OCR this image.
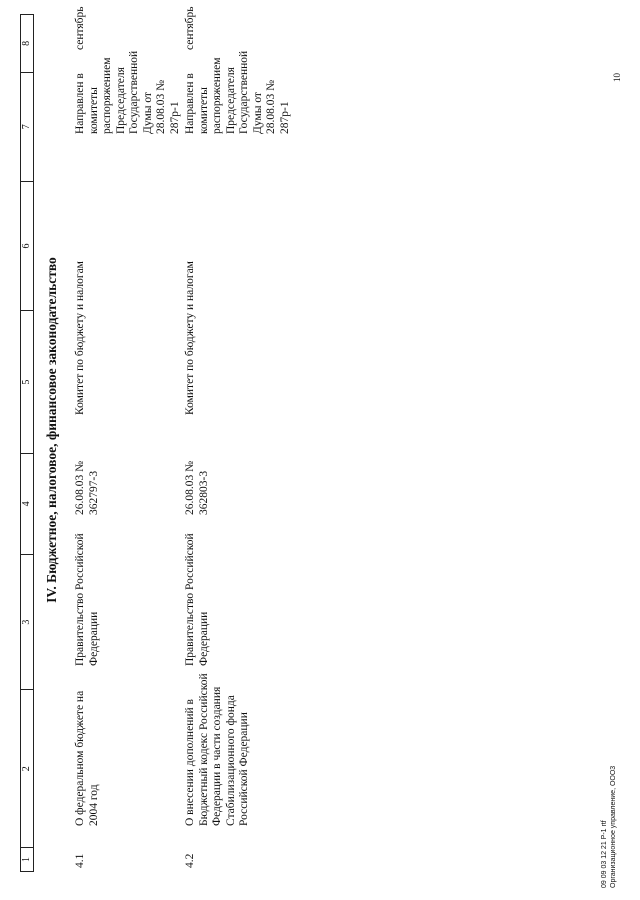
1
2
3
4
5
6
7
8
IV. Бюджетное, налоговое, финансовое законодательство
4.1
О федеральном бюджете на 2004 год
Правительство Российской Федерации
26.08.03 № 362797-3
Комитет по бюджету и налогам
Направлен в комитеты распоряжением Председателя Государственной Думы от 28.08.03 № 287р-1
сентябрь
4.2
О внесении дополнений в Бюджетный кодекс Российской Федерации в части создания Стабилизационного фонда Российской Федерации
Правительство Российской Федерации
26.08.03 № 362803-3
Комитет по бюджету и налогам
Направлен в комитеты распоряжением Председателя Государственной Думы от 28.08.03 № 287р-1
сентябрь
09 09 03 12 21 P-1 rtf Организационное управление, ООО3
10
